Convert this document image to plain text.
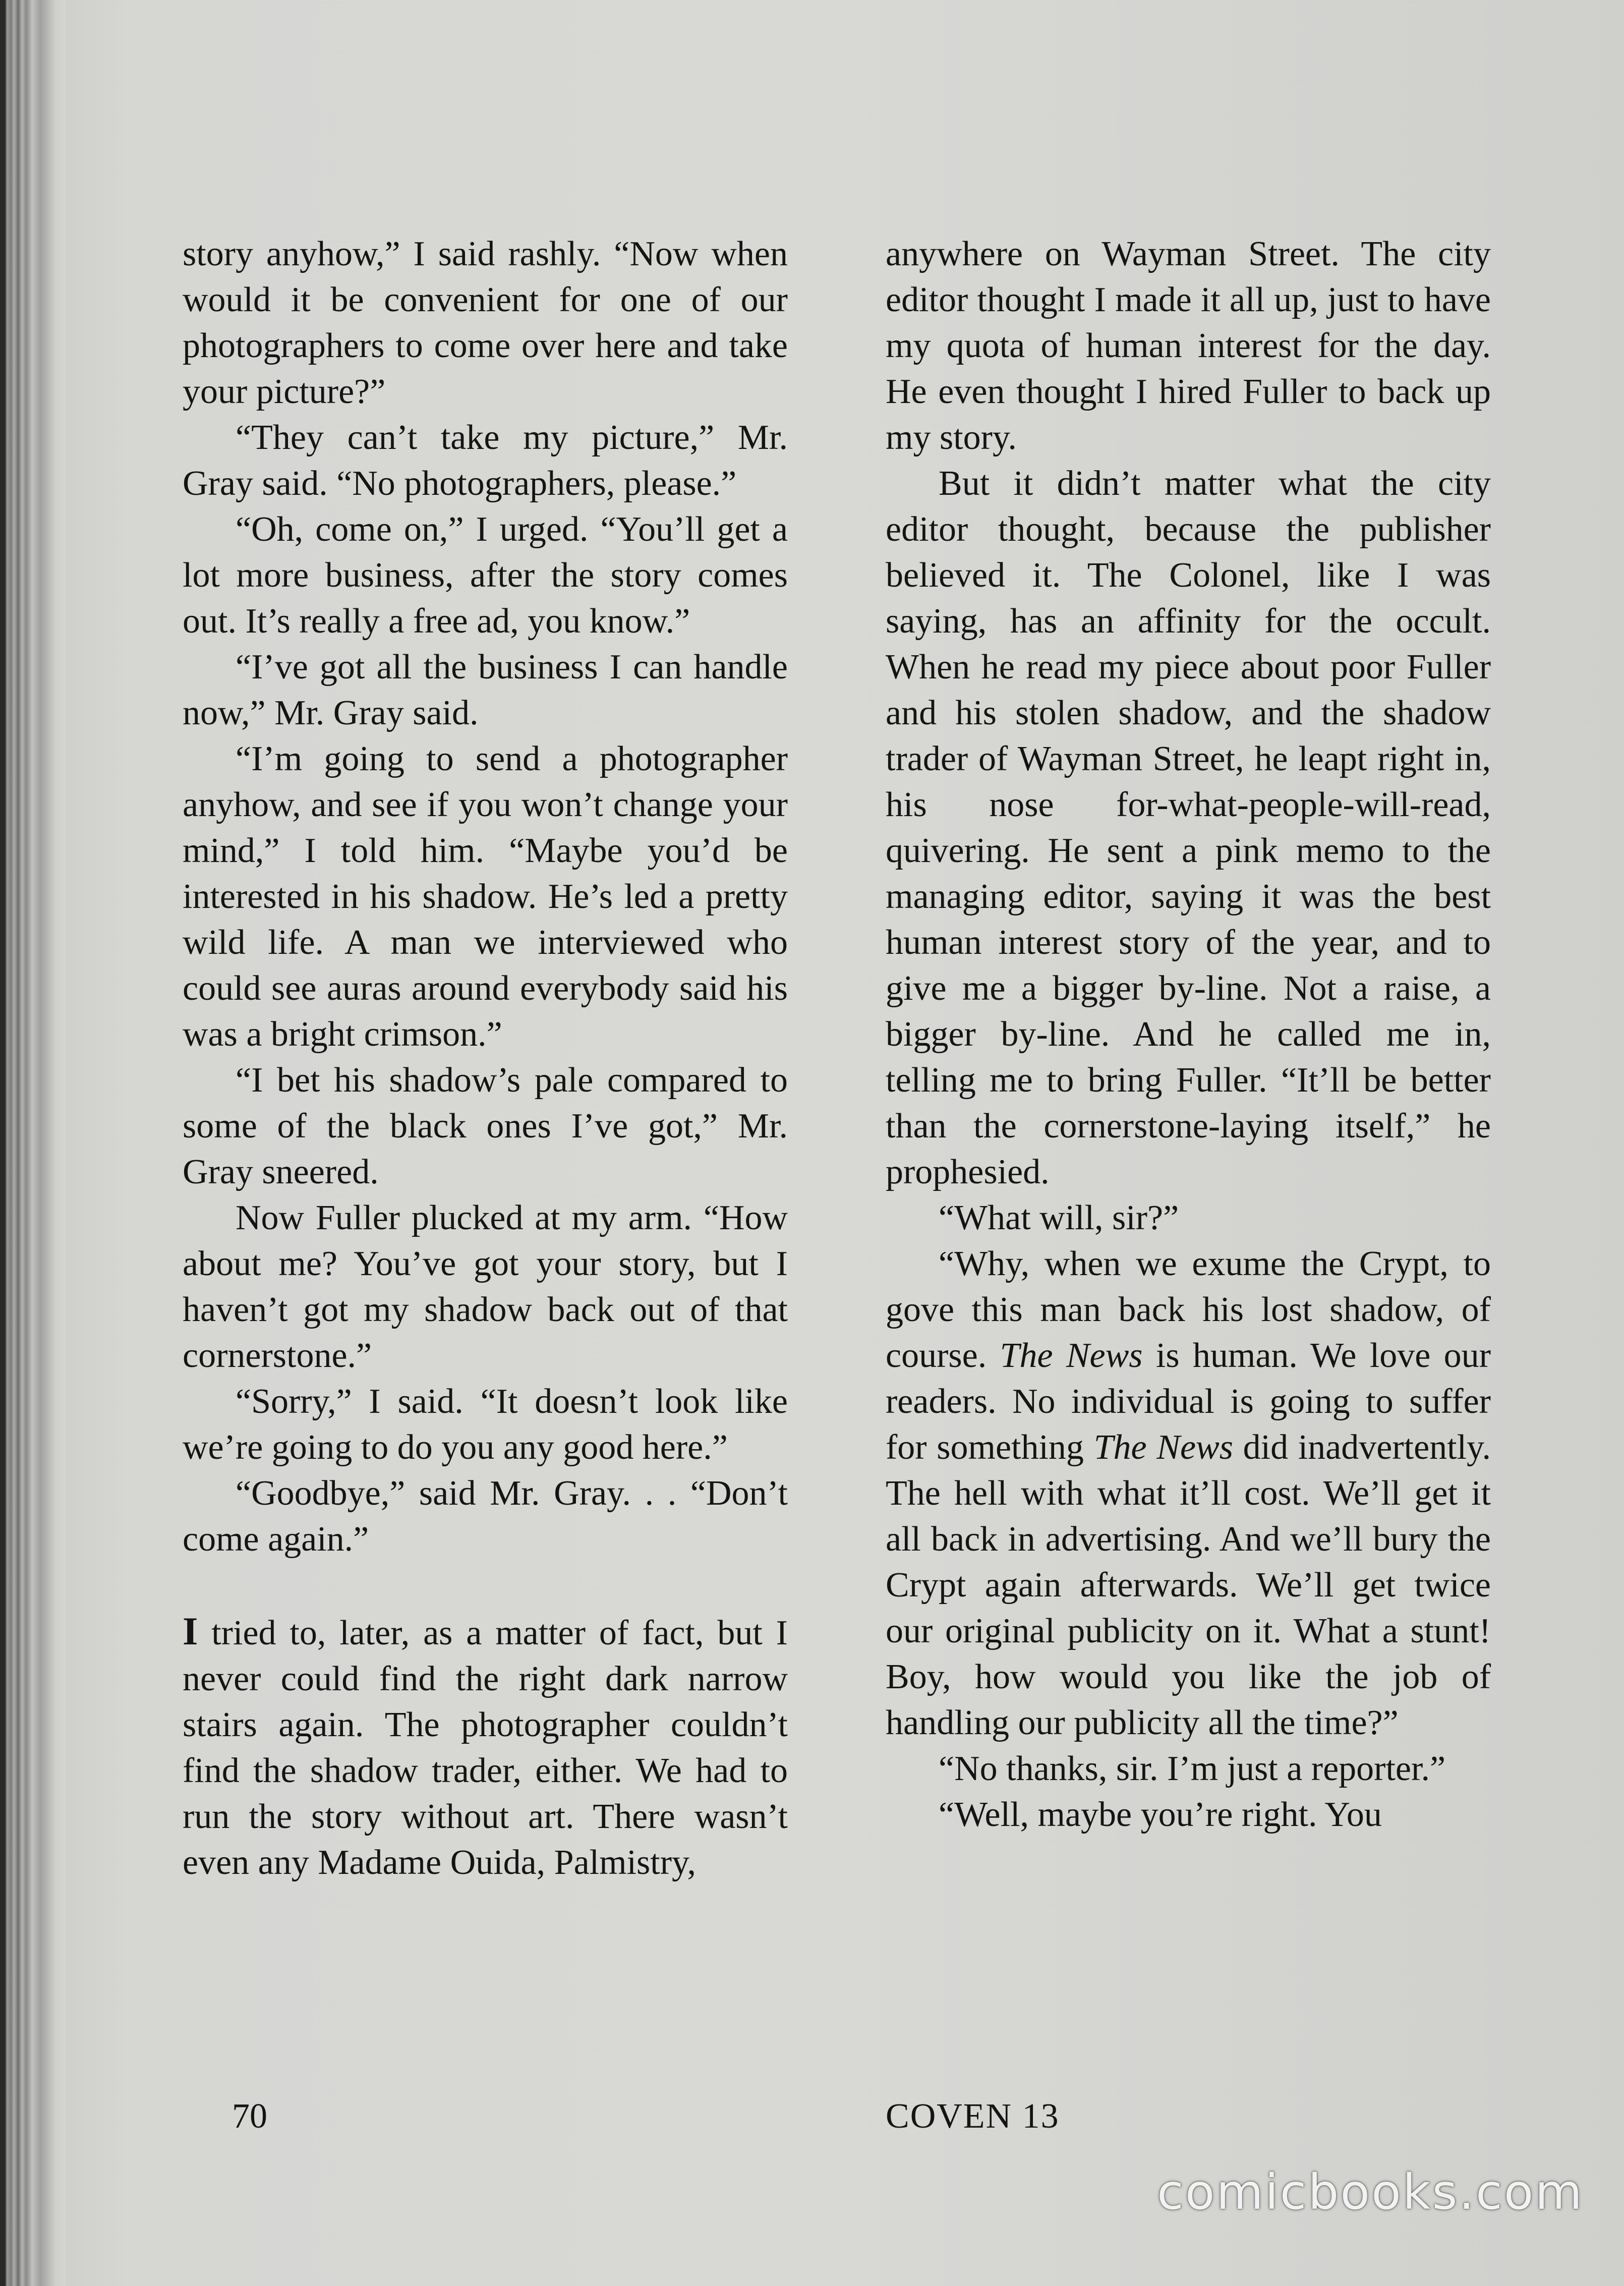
story anyhow,” I said rashly. “Now when would it be convenient for one of our photographers to come over here and take your picture?”

“They can’t take my picture,” Mr. Gray said. “No photographers, please.”

“Oh, come on,” I urged. “You’ll get a lot more business, after the story comes out. It’s really a free ad, you know.”

“I’ve got all the business I can handle now,” Mr. Gray said.

“I’m going to send a photographer anyhow, and see if you won’t change your mind,” I told him. “Maybe you’d be interested in his shadow. He’s led a pretty wild life. A man we interviewed who could see auras around everybody said his was a bright crimson.”

“I bet his shadow’s pale compared to some of the black ones I’ve got,” Mr. Gray sneered.

Now Fuller plucked at my arm. “How about me? You’ve got your story, but I haven’t got my shadow back out of that cornerstone.”

“Sorry,” I said. “It doesn’t look like we’re going to do you any good here.”

“Goodbye,” said Mr. Gray. . . “Don’t come again.”

I tried to, later, as a matter of fact, but I never could find the right dark narrow stairs again. The photographer couldn’t find the shadow trader, either. We had to run the story without art. There wasn’t even any Madame Ouida, Palmistry,

anywhere on Wayman Street. The city editor thought I made it all up, just to have my quota of human interest for the day. He even thought I hired Fuller to back up my story.

But it didn’t matter what the city editor thought, because the publisher believed it. The Colonel, like I was saying, has an affinity for the occult. When he read my piece about poor Fuller and his stolen shadow, and the shadow trader of Wayman Street, he leapt right in, his nose for-what-people-will-read, quivering. He sent a pink memo to the managing editor, saying it was the best human interest story of the year, and to give me a bigger by-line. Not a raise, a bigger by-line. And he called me in, telling me to bring Fuller. “It’ll be better than the cornerstone-laying itself,” he prophesied.

“What will, sir?”

“Why, when we exume the Crypt, to gove this man back his lost shadow, of course. The News is human. We love our readers. No individual is going to suffer for something The News did inadvertently. The hell with what it’ll cost. We’ll get it all back in advertising. And we’ll bury the Crypt again afterwards. We’ll get twice our original publicity on it. What a stunt! Boy, how would you like the job of handling our publicity all the time?”

“No thanks, sir. I’m just a reporter.”

“Well, maybe you’re right. You

70	COVEN 13
comicbooks.com
